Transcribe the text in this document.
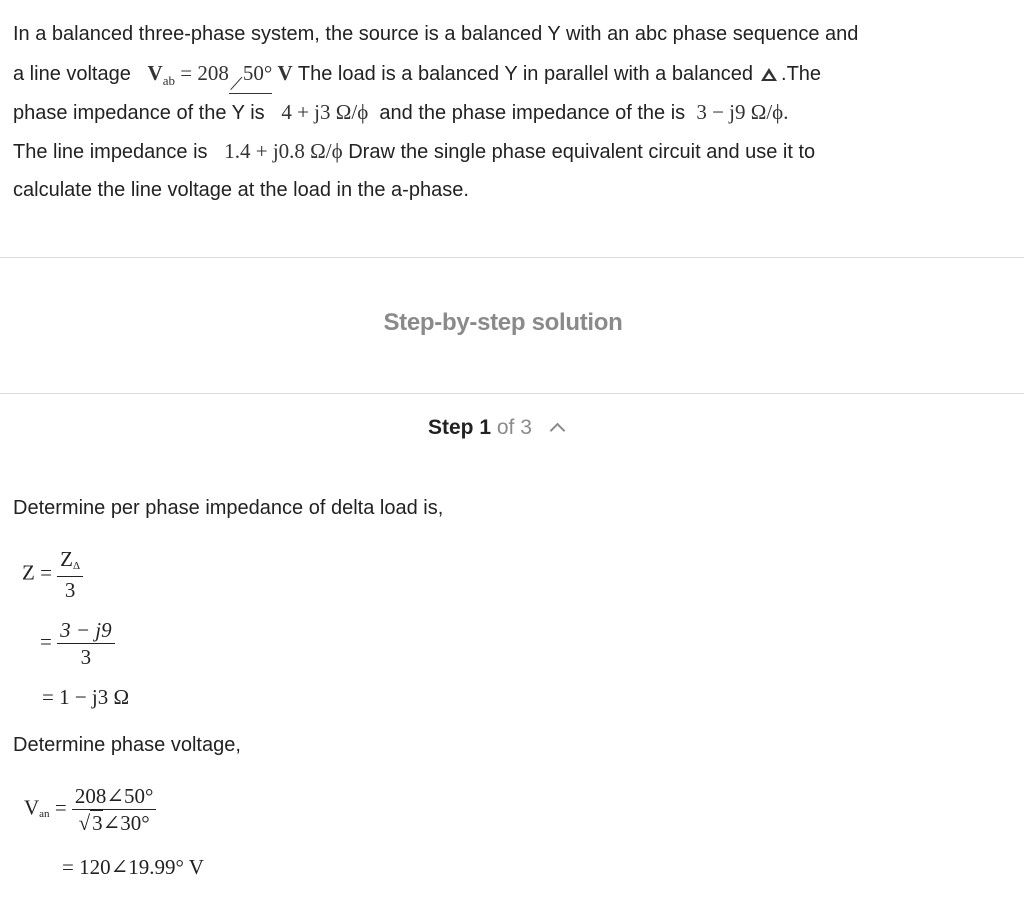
In a balanced three-phase system, the source is a balanced Y with an abc phase sequence and
a line voltage $V_{ab} = 208$ 50° V The load is a balanced Y in parallel with a balanced .The
phase impedance of the Y is 4 + j3 Ω/ϕ and the phase impedance of the is 3 − j9 Ω/ϕ.
The line impedance is 1.4 + j0.8 Ω/ϕ Draw the single phase equivalent circuit and use it to
calculate the line voltage at the load in the a-phase.
Step-by-step solution
Step 1 of 3
Determine per phase impedance of delta load is,
$Z = \frac{Z\Delta}{3}$
= $\frac{3 - j9}{3}$
= 1 − j3 Ω
Determine phase voltage,
Van = $\frac{208\angle 50^\circ}{√3\angle 30^\circ}$
= 120∠19.99° V
